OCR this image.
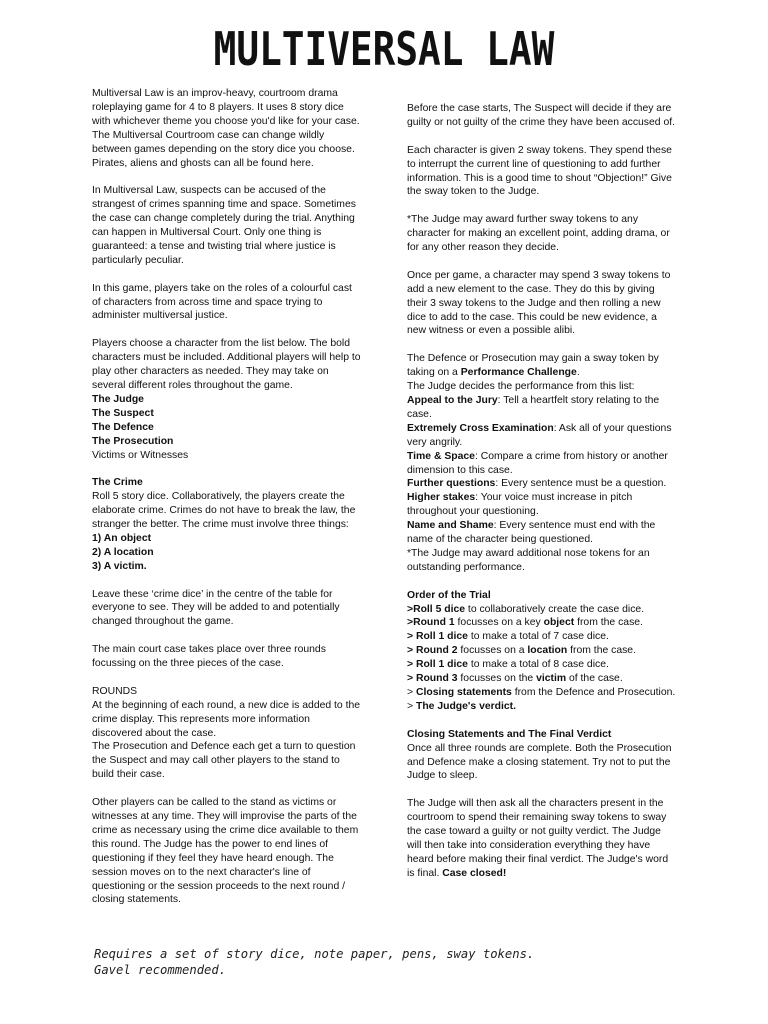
MULTIVERSAL LAW

Multiversal Law is an improv-heavy, courtroom drama roleplaying game for 4 to 8 players. It uses 8 story dice with whichever theme you choose you'd like for your case. The Multiversal Courtroom case can change wildly between games depending on the story dice you choose. Pirates, aliens and ghosts can all be found here.

In Multiversal Law, suspects can be accused of the strangest of crimes spanning time and space. Sometimes the case can change completely during the trial. Anything can happen in Multiversal Court. Only one thing is guaranteed: a tense and twisting trial where justice is particularly peculiar.

In this game, players take on the roles of a colourful cast of characters from across time and space trying to administer multiversal justice.

Players choose a character from the list below. The bold characters must be included. Additional players will help to play other characters as needed. They may take on several different roles throughout the game.
The Judge
The Suspect
The Defence
The Prosecution
Victims or Witnesses
The Crime
Roll 5 story dice. Collaboratively, the players create the elaborate crime. Crimes do not have to break the law, the stranger the better. The crime must involve three things:
1) An object
2) A location
3) A victim.

Leave these ‘crime dice’ in the centre of the table for everyone to see. They will be added to and potentially changed throughout the game.

The main court case takes place over three rounds focussing on the three pieces of the case.

ROUNDS
At the beginning of each round, a new dice is added to the crime display. This represents more information discovered about the case.
The Prosecution and Defence each get a turn to question the Suspect and may call other players to the stand to build their case.

Other players can be called to the stand as victims or witnesses at any time. They will improvise the parts of the crime as necessary using the crime dice available to them this round. The Judge has the power to end lines of questioning if they feel they have heard enough. The session moves on to the next character's line of questioning or the session proceeds to the next round / closing statements.

Before the case starts, The Suspect will decide if they are guilty or not guilty of the crime they have been accused of.

Each character is given 2 sway tokens. They spend these to interrupt the current line of questioning to add further information. This is a good time to shout “Objection!” Give the sway token to the Judge.

*The Judge may award further sway tokens to any character for making an excellent point, adding drama, or for any other reason they decide.

Once per game, a character may spend 3 sway tokens to add a new element to the case. They do this by giving their 3 sway tokens to the Judge and then rolling a new dice to add to the case. This could be new evidence, a new witness or even a possible alibi.

The Defence or Prosecution may gain a sway token by taking on a Performance Challenge.
The Judge decides the performance from this list:
Appeal to the Jury: Tell a heartfelt story relating to the case.
Extremely Cross Examination: Ask all of your questions very angrily.
Time & Space: Compare a crime from history or another dimension to this case.
Further questions: Every sentence must be a question.
Higher stakes: Your voice must increase in pitch throughout your questioning.
Name and Shame: Every sentence must end with the name of the character being questioned.
*The Judge may award additional nose tokens for an outstanding performance.
Order of the Trial
>Roll 5 dice to collaboratively create the case dice.
>Round 1 focusses on a key object from the case.
> Roll 1 dice to make a total of 7 case dice.
> Round 2 focusses on a location from the case.
> Roll 1 dice to make a total of 8 case dice.
> Round 3 focusses on the victim of the case.
> Closing statements from the Defence and Prosecution.
> The Judge's verdict.
Closing Statements and The Final Verdict
Once all three rounds are complete. Both the Prosecution and Defence make a closing statement. Try not to put the Judge to sleep.

The Judge will then ask all the characters present in the courtroom to spend their remaining sway tokens to sway the case toward a guilty or not guilty verdict. The Judge will then take into consideration everything they have heard before making their final verdict. The Judge's word is final. Case closed!

Requires a set of story dice, note paper, pens, sway tokens.
Gavel recommended.
